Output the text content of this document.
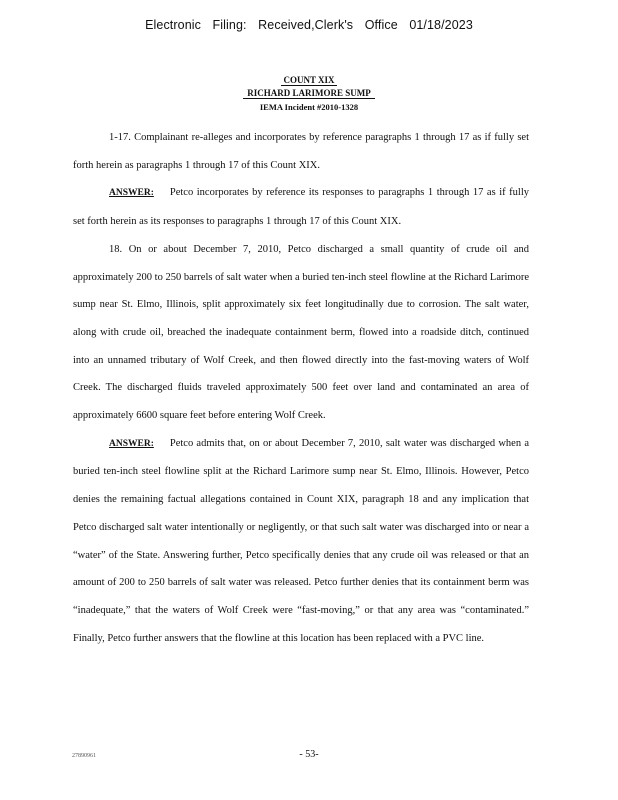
Electronic Filing: Received,Clerk's Office 01/18/2023
COUNT XIX
RICHARD LARIMORE SUMP
IEMA Incident #2010-1328

1-17. Complainant re-alleges and incorporates by reference paragraphs 1 through 17 as if fully set forth herein as paragraphs 1 through 17 of this Count XIX.

ANSWER: Petco incorporates by reference its responses to paragraphs 1 through 17 as if fully set forth herein as its responses to paragraphs 1 through 17 of this Count XIX.

18. On or about December 7, 2010, Petco discharged a small quantity of crude oil and approximately 200 to 250 barrels of salt water when a buried ten-inch steel flowline at the Richard Larimore sump near St. Elmo, Illinois, split approximately six feet longitudinally due to corrosion. The salt water, along with crude oil, breached the inadequate containment berm, flowed into a roadside ditch, continued into an unnamed tributary of Wolf Creek, and then flowed directly into the fast-moving waters of Wolf Creek. The discharged fluids traveled approximately 500 feet over land and contaminated an area of approximately 6600 square feet before entering Wolf Creek.

ANSWER: Petco admits that, on or about December 7, 2010, salt water was discharged when a buried ten-inch steel flowline split at the Richard Larimore sump near St. Elmo, Illinois. However, Petco denies the remaining factual allegations contained in Count XIX, paragraph 18 and any implication that Petco discharged salt water intentionally or negligently, or that such salt water was discharged into or near a “water” of the State. Answering further, Petco specifically denies that any crude oil was released or that an amount of 200 to 250 barrels of salt water was released. Petco further denies that its containment berm was “inadequate,” that the waters of Wolf Creek were “fast-moving,” or that any area was “contaminated.” Finally, Petco further answers that the flowline at this location has been replaced with a PVC line.

27890961	- 53-
